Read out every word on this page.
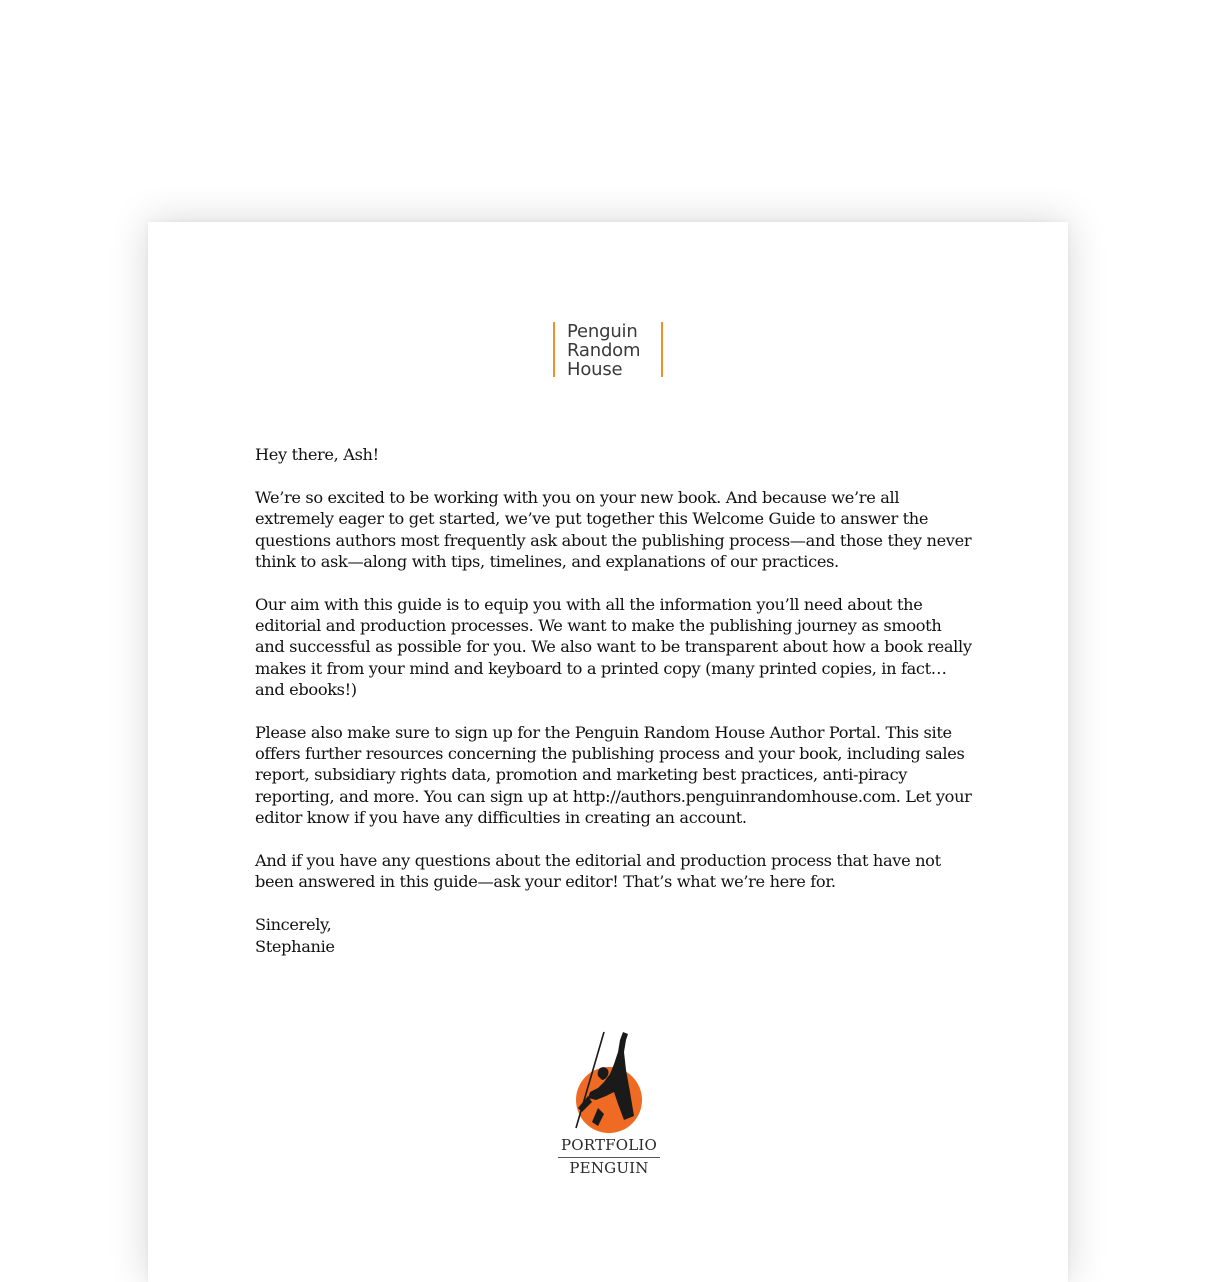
Penguin
Random
House

Hey there, Ash!

We’re so excited to be working with you on your new book. And because we’re all extremely eager to get started, we’ve put together this Welcome Guide to answer the questions authors most frequently ask about the publishing process—and those they never think to ask—along with tips, timelines, and explanations of our practices.

Our aim with this guide is to equip you with all the information you’ll need about the editorial and production processes. We want to make the publishing journey as smooth and successful as possible for you. We also want to be transparent about how a book really makes it from your mind and keyboard to a printed copy (many printed copies, in fact…and ebooks!)

Please also make sure to sign up for the Penguin Random House Author Portal. This site offers further resources concerning the publishing process and your book, including sales report, subsidiary rights data, promotion and marketing best practices, anti-piracy reporting, and more. You can sign up at http://authors.penguinrandomhouse.com. Let your editor know if you have any difficulties in creating an account.

And if you have any questions about the editorial and production process that have not been answered in this guide—ask your editor! That’s what we’re here for.

Sincerely,
Stephanie

PORTFOLIO
PENGUIN
